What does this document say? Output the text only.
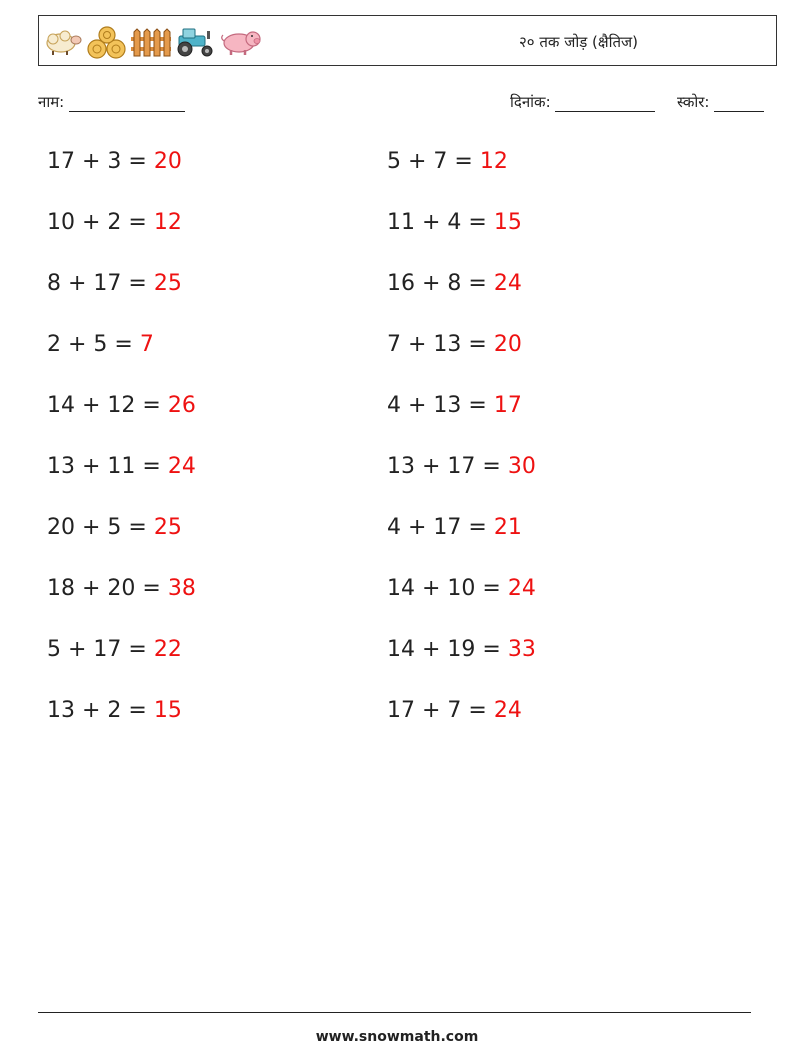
२० तक जोड़ (क्षैतिज)
नाम:	दिनांक:	स्कोर:
17 + 3 = 20
10 + 2 = 12
8 + 17 = 25
2 + 5 = 7
14 + 12 = 26
13 + 11 = 24
20 + 5 = 25
18 + 20 = 38
5 + 17 = 22
13 + 2 = 15
5 + 7 = 12
11 + 4 = 15
16 + 8 = 24
7 + 13 = 20
4 + 13 = 17
13 + 17 = 30
4 + 17 = 21
14 + 10 = 24
14 + 19 = 33
17 + 7 = 24
www.snowmath.com
